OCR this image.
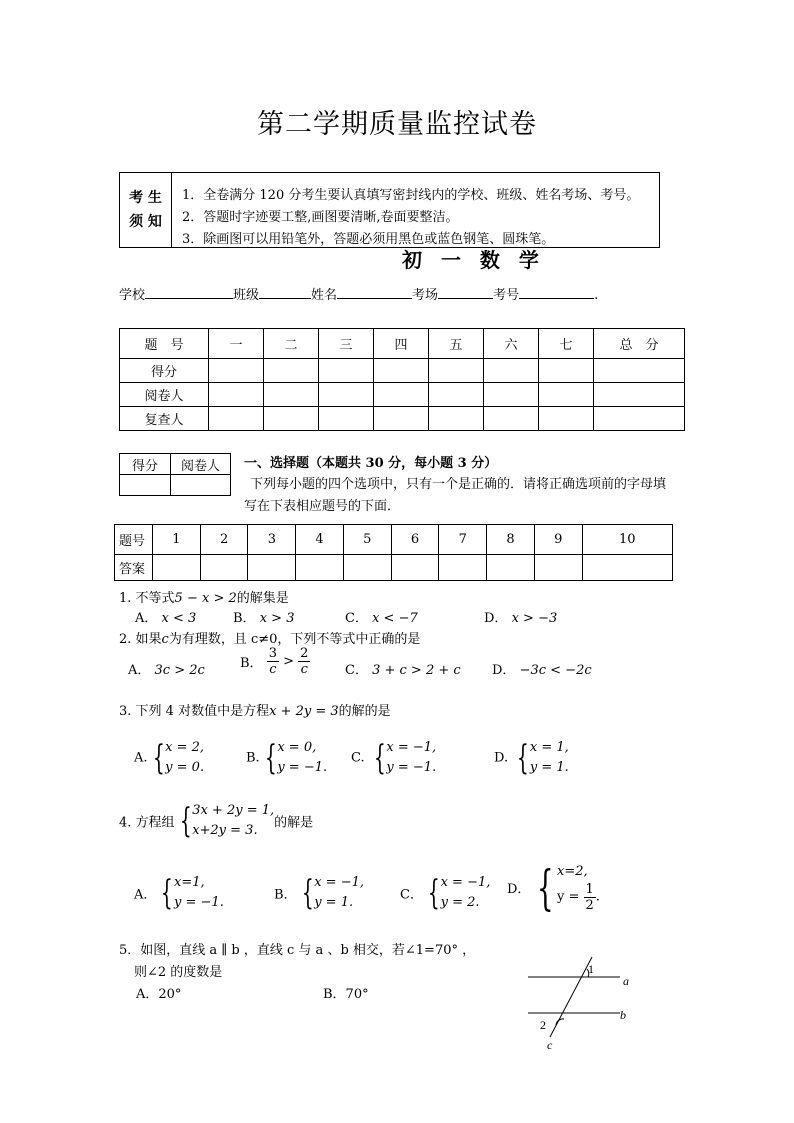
第二学期质量监控试卷
考 生
须 知
1．全卷满分 120 分考生要认真填写密封线内的学校、班级、姓名考场、考号。
2．答题时字迹要工整,画图要清晰,卷面要整洁。
3．除画图可以用铅笔外，答题必须用黑色或蓝色钢笔、圆珠笔。
初 一 数 学
学校	班级	姓名	考场	考号	.
题　号	一	二	三	四	五	六	七	总　分
得分								
阅卷人								
复查人								
得分	阅卷人
	一、选择题（本题共 30 分，每小题 3 分）
下列每小题的四个选项中，只有一个是正确的．请将正确选项前的字母填
写在下表相应题号的下面．
题号	1	2	3	4	5	6	7	8	9	10
答案										
1. 不等式5 − x > 2的解集是
A． x < 3	B． x > 3	C． x < −7	D． x > −3
2. 如果c为有理数，且 c≠0，下列不等式中正确的是
A． 3c > 2c	B． $\frac{3}{c} > \frac{2}{c}$	C． 3 + c > 2 + c D． −3c < −2c
3. 下列 4 对数值中是方程x + 2y = 3的解的是
A. { x = 2,
y = 0.
B. { x = 0,
y = −1.
C. { x = −1,
y = −1.
D. { x = 1,
y = 1.
4. 方程组 { 3x + 2y = 1,
x+2y = 3.	的解是
A． { x=1,
y = −1.	B． { x = −1,
y = 1.	C． { x = −1,
y = 2.
D． { x=2,
$y = \frac{1}{2}$ .
5．如图，直线 a ∥ b ，直线 c 与 a 、b 相交，若∠1=70° ，
则∠2 的度数是
A．20°	B．70°
1
2
a
b
c
